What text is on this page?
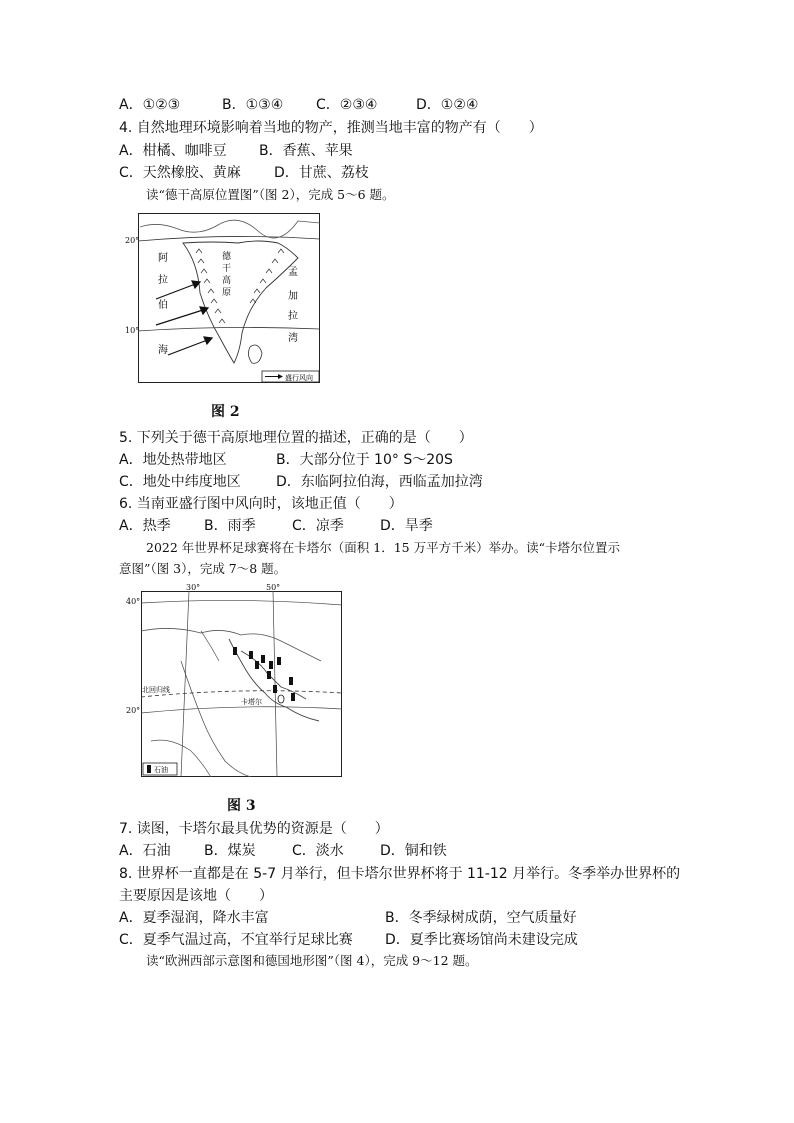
A．①②③	B．①③④ C．②③④	D．①②④
4. 自然地理环境影响着当地的物产，推测当地丰富的物产有（　　）
A．柑橘、咖啡豆 B．香蕉、苹果
C．天然橡胶、黄麻 D．甘蔗、荔枝
读“德干高原位置图”（图 2），完成 5～6 题。
阿
拉
伯
海
德
干
高
原
孟
加
拉
湾
盛行风向
20°
10°
图 2
5. 下列关于德干高原地理位置的描述，正确的是（　　）
A．地处热带地区	B．大部分位于 10° S～20S
C．地处中纬度地区	D．东临阿拉伯海，西临孟加拉湾
6. 当南亚盛行图中风向时，该地正值（　　）
A．热季 B．雨季	C．凉季	D．旱季
2022 年世界杯足球赛将在卡塔尔（面积 1．15 万平方千米）举办。读“卡塔尔位置示
意图”（图 3），完成 7～8 题。
卡塔尔
北回归线
石油
30°	50°
40°
20°
图 3
7. 读图，卡塔尔最具优势的资源是（　　）
A．石油 B．煤炭	C．淡水	D．铜和铁
8. 世界杯一直都是在 5-7 月举行，但卡塔尔世界杯将于 11-12 月举行。冬季举办世界杯的
主要原因是该地（　　）
A．夏季湿润，降水丰富	B．冬季绿树成荫，空气质量好
C．夏季气温过高，不宜举行足球比赛 D．夏季比赛场馆尚未建设完成
读“欧洲西部示意图和德国地形图”（图 4），完成 9～12 题。
